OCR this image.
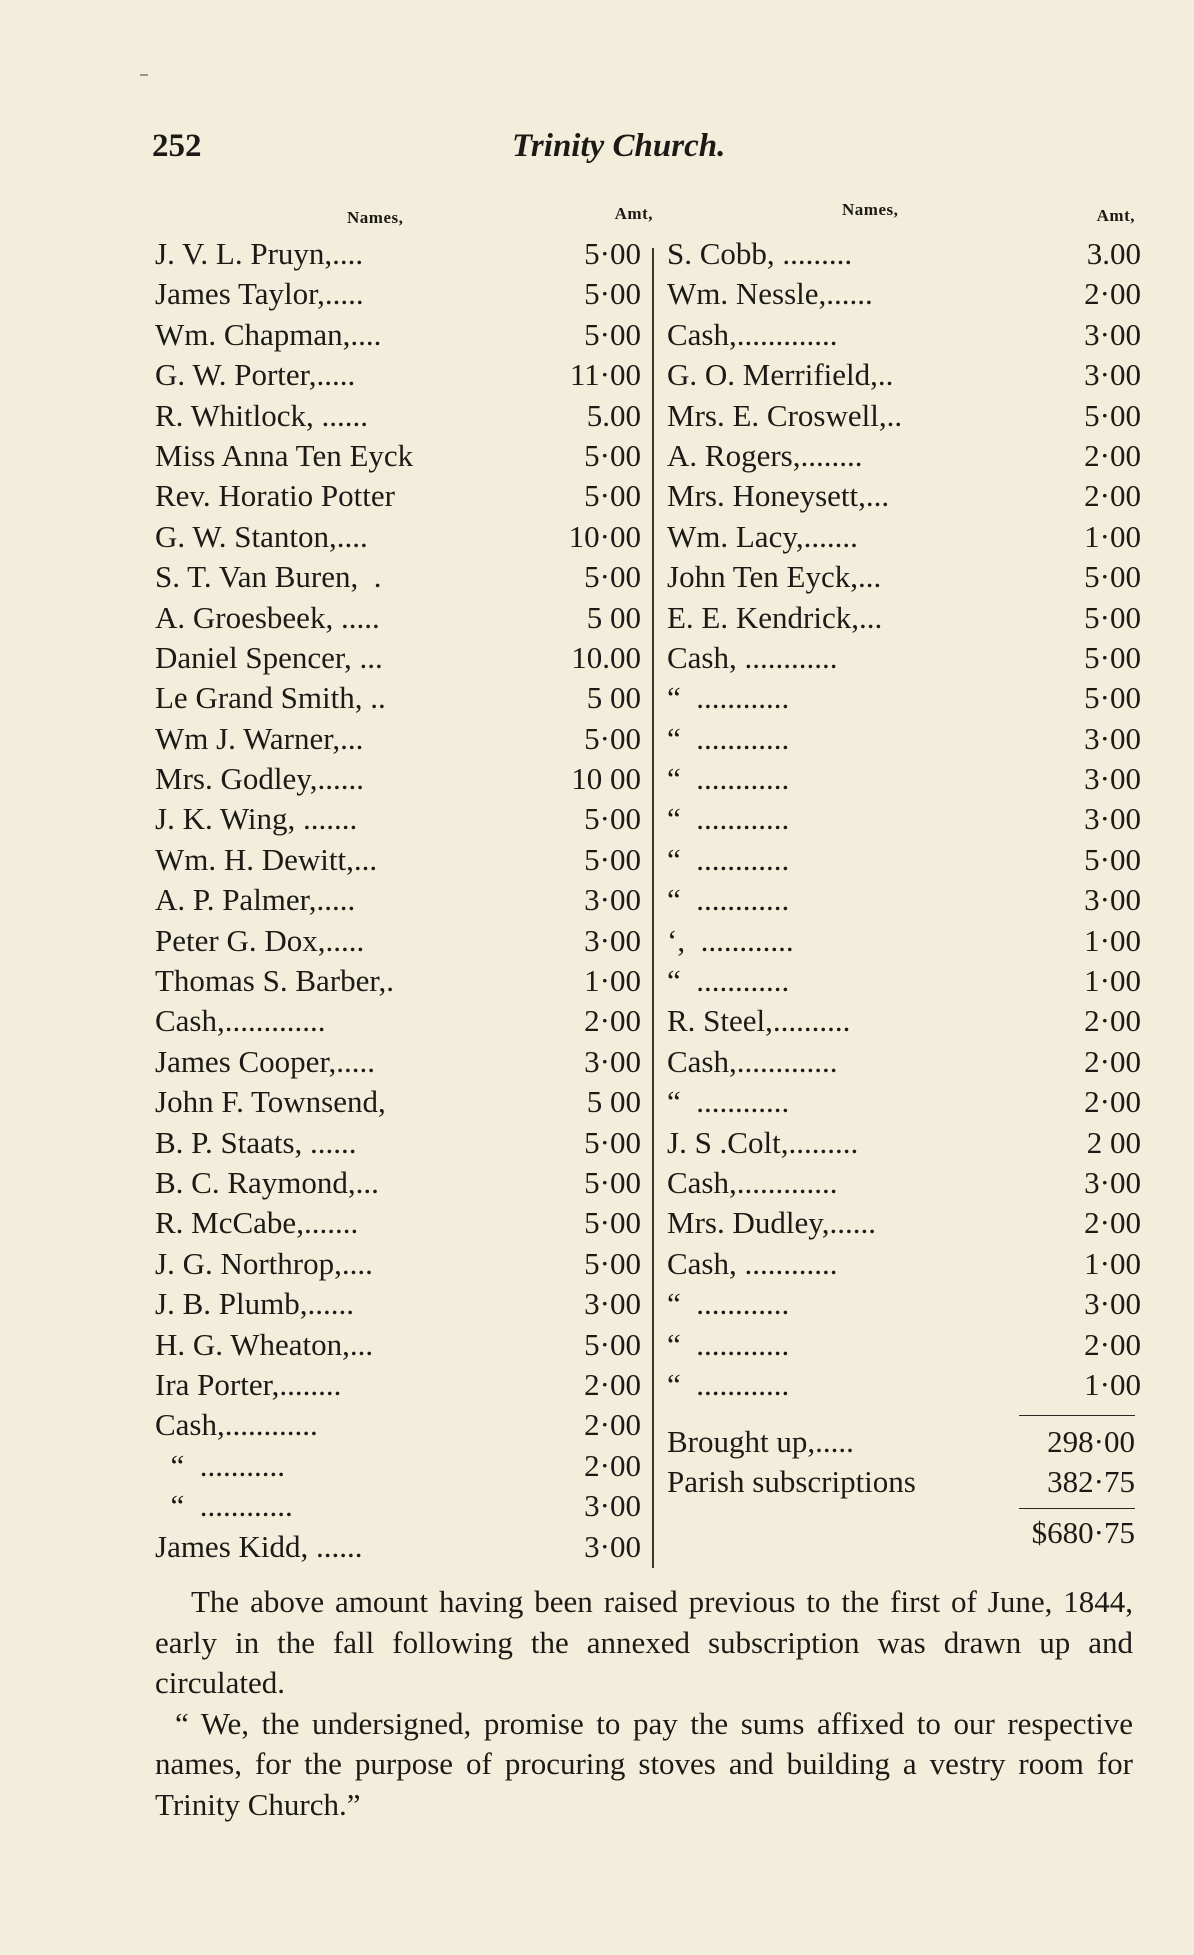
252	Trinity Church.
Names,	Amt,
J. V. L. Pruyn,....	5·00
James Taylor,.....	5·00
Wm. Chapman,....	5·00
G. W. Porter,.....	11·00
R. Whitlock, ......	5.00
Miss Anna Ten Eyck	5·00
Rev. Horatio Potter	5·00
G. W. Stanton,....	10·00
S. T. Van Buren,  .	5·00
A. Groesbeek, .....	5 00
Daniel Spencer, ...	10.00
Le Grand Smith, ..	5 00
Wm J. Warner,...	5·00
Mrs. Godley,......	10 00
J. K. Wing, .......	5·00
Wm. H. Dewitt,...	5·00
A. P. Palmer,.....	3·00
Peter G. Dox,.....	3·00
Thomas S. Barber,.	1·00
Cash,.............	2·00
James Cooper,.....	3·00
John F. Townsend,	5 00
B. P. Staats, ......	5·00
B. C. Raymond,...	5·00
R. McCabe,.......	5·00
J. G. Northrop,....	5·00
J. B. Plumb,......	3·00
H. G. Wheaton,...	5·00
Ira Porter,........	2·00
Cash,............	2·00
“  ...........	2·00
“  ............	3·00
James Kidd, ......	3·00
Names,	Amt,
S. Cobb, .........	3.00
Wm. Nessle,......	2·00
Cash,.............	3·00
G. O. Merrifield,..	3·00
Mrs. E. Croswell,..	5·00
A. Rogers,........	2·00
Mrs. Honeysett,...	2·00
Wm. Lacy,.......	1·00
John Ten Eyck,...	5·00
E. E. Kendrick,...	5·00
Cash, ............	5·00
“  ............	5·00
“  ............	3·00
“  ............	3·00
“  ............	3·00
“  ............	5·00
“  ............	3·00
‘,  ............	1·00
“  ............	1·00
R. Steel,..........	2·00
Cash,.............	2·00
“  ............	2·00
J. S .Colt,.........	2 00
Cash,.............	3·00
Mrs. Dudley,......	2·00
Cash, ............	1·00
“  ............	3·00
“  ............	2·00
“  ............	1·00
Brought up,.....	298·00
Parish subscriptions	382·75
$680·75

The above amount having been raised previous to the first of June, 1844, early in the fall following the annexed subscription was drawn up and circulated.

“ We, the undersigned, promise to pay the sums affixed to our respective names, for the purpose of procuring stoves and building a vestry room for Trinity Church.”
